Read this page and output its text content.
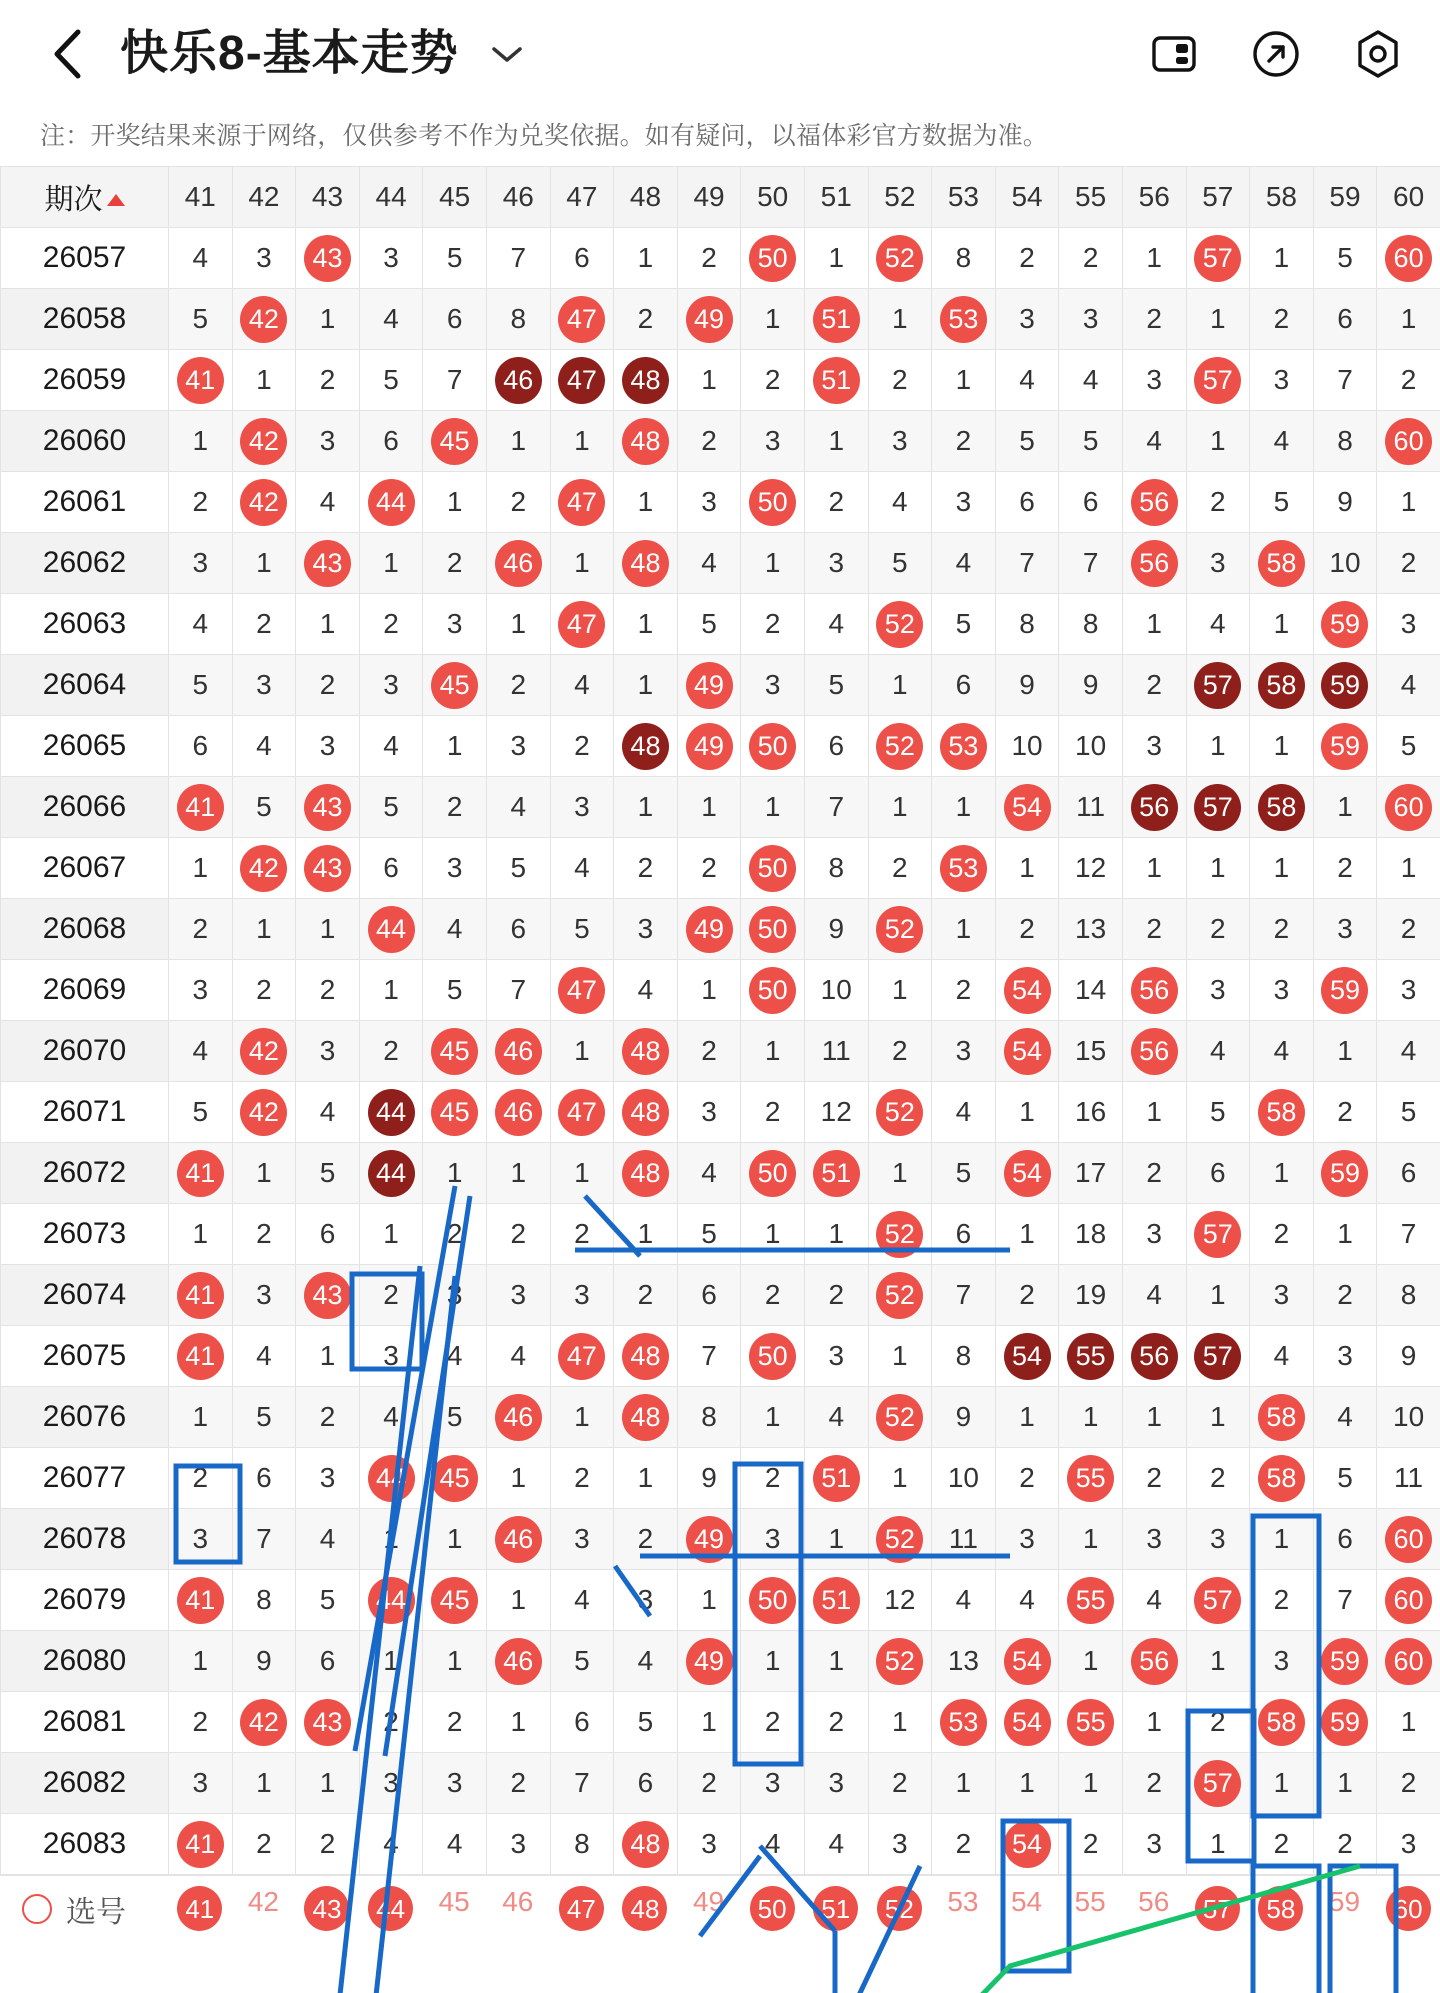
快乐8-基本走势
注：开奖结果来源于网络，仅供参考不作为兑奖依据。如有疑问，以福体彩官方数据为准。
期次	41	42	43	44	45	46	47	48	49	50	51	52	53	54	55	56	57	58	59	60
26057	4	3	43	3	5	7	6	1	2	50	1	52	8	2	2	1	57	1	5	60
26058	5	42	1	4	6	8	47	2	49	1	51	1	53	3	3	2	1	2	6	1
26059	41	1	2	5	7	46	47	48	1	2	51	2	1	4	4	3	57	3	7	2
26060	1	42	3	6	45	1	1	48	2	3	1	3	2	5	5	4	1	4	8	60
26061	2	42	4	44	1	2	47	1	3	50	2	4	3	6	6	56	2	5	9	1
26062	3	1	43	1	2	46	1	48	4	1	3	5	4	7	7	56	3	58	10	2
26063	4	2	1	2	3	1	47	1	5	2	4	52	5	8	8	1	4	1	59	3
26064	5	3	2	3	45	2	4	1	49	3	5	1	6	9	9	2	57	58	59	4
26065	6	4	3	4	1	3	2	48	49	50	6	52	53	10	10	3	1	1	59	5
26066	41	5	43	5	2	4	3	1	1	1	7	1	1	54	11	56	57	58	1	60
26067	1	42	43	6	3	5	4	2	2	50	8	2	53	1	12	1	1	1	2	1
26068	2	1	1	44	4	6	5	3	49	50	9	52	1	2	13	2	2	2	3	2
26069	3	2	2	1	5	7	47	4	1	50	10	1	2	54	14	56	3	3	59	3
26070	4	42	3	2	45	46	1	48	2	1	11	2	3	54	15	56	4	4	1	4
26071	5	42	4	44	45	46	47	48	3	2	12	52	4	1	16	1	5	58	2	5
26072	41	1	5	44	1	1	1	48	4	50	51	1	5	54	17	2	6	1	59	6
26073	1	2	6	1	2	2	2	1	5	1	1	52	6	1	18	3	57	2	1	7
26074	41	3	43	2	3	3	3	2	6	2	2	52	7	2	19	4	1	3	2	8
26075	41	4	1	3	4	4	47	48	7	50	3	1	8	54	55	56	57	4	3	9
26076	1	5	2	4	5	46	1	48	8	1	4	52	9	1	1	1	1	58	4	10
26077	2	6	3	44	45	1	2	1	9	2	51	1	10	2	55	2	2	58	5	11
26078	3	7	4	1	1	46	3	2	49	3	1	52	11	3	1	3	3	1	6	60
26079	41	8	5	44	45	1	4	3	1	50	51	12	4	4	55	4	57	2	7	60
26080	1	9	6	1	1	46	5	4	49	1	1	52	13	54	1	56	1	3	59	60
26081	2	42	43	2	2	1	6	5	1	2	2	1	53	54	55	1	2	58	59	1
26082	3	1	1	3	3	2	7	6	2	3	3	2	1	1	1	2	57	1	1	2
26083	41	2	2	4	4	3	8	48	3	4	4	3	2	54	2	3	1	2	2	3
选号	41	42	43	44	45	46	47	48	49	50	51	52	53	54	55	56	57	58	59	60
